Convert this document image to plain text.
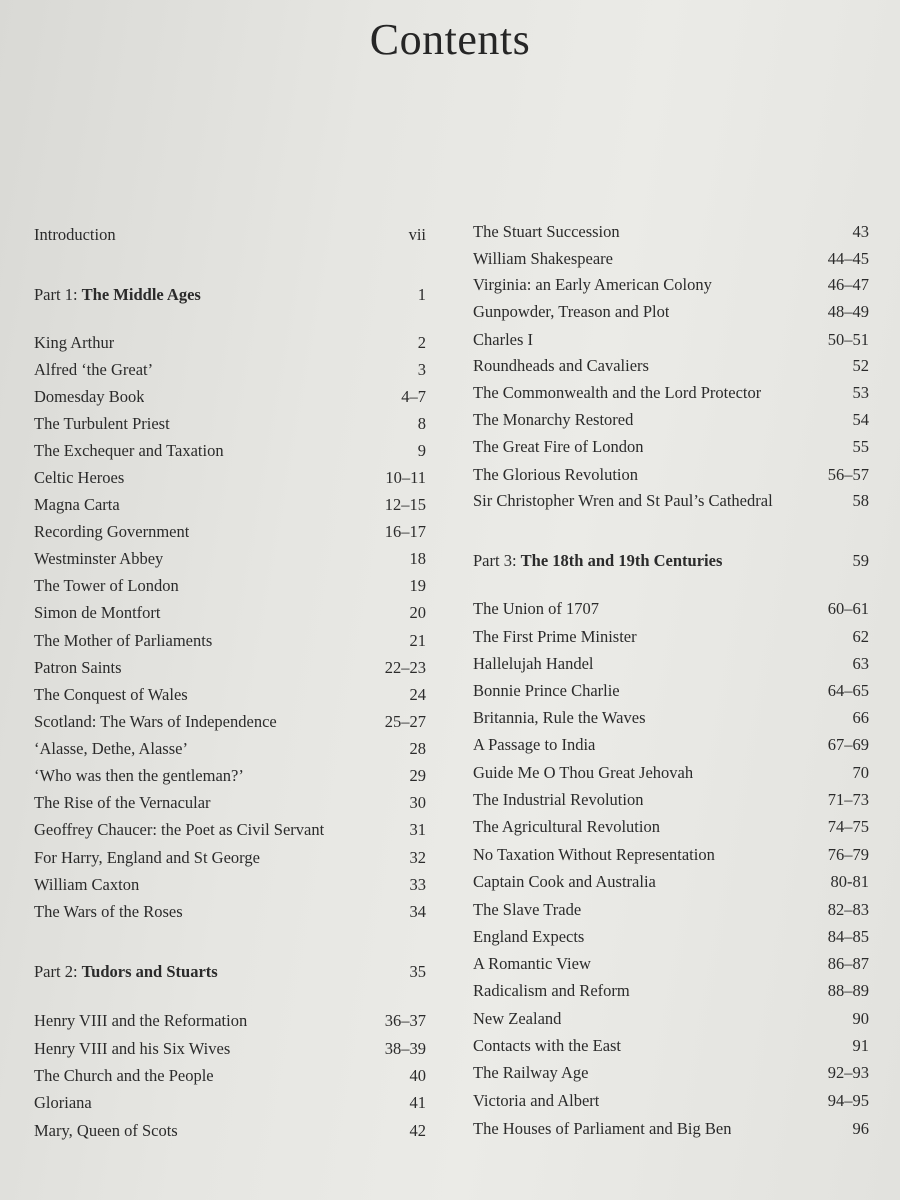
Contents
Introduction	vii
Part 1: The Middle Ages	1
King Arthur	2
Alfred ‘the Great’	3
Domesday Book	4–7
The Turbulent Priest	8
The Exchequer and Taxation	9
Celtic Heroes	10–11
Magna Carta	12–15
Recording Government	16–17
Westminster Abbey	18
The Tower of London	19
Simon de Montfort	20
The Mother of Parliaments	21
Patron Saints	22–23
The Conquest of Wales	24
Scotland: The Wars of Independence	25–27
‘Alasse, Dethe, Alasse’	28
‘Who was then the gentleman?’	29
The Rise of the Vernacular	30
Geoffrey Chaucer: the Poet as Civil Servant	31
For Harry, England and St George	32
William Caxton	33
The Wars of the Roses	34
Part 2: Tudors and Stuarts	35
Henry VIII and the Reformation	36–37
Henry VIII and his Six Wives	38–39
The Church and the People	40
Gloriana	41
Mary, Queen of Scots	42
The Stuart Succession	43
William Shakespeare	44–45
Virginia: an Early American Colony	46–47
Gunpowder, Treason and Plot	48–49
Charles I	50–51
Roundheads and Cavaliers	52
The Commonwealth and the Lord Protector	53
The Monarchy Restored	54
The Great Fire of London	55
The Glorious Revolution	56–57
Sir Christopher Wren and St Paul’s Cathedral	58
Part 3: The 18th and 19th Centuries	59
The Union of 1707	60–61
The First Prime Minister	62
Hallelujah Handel	63
Bonnie Prince Charlie	64–65
Britannia, Rule the Waves	66
A Passage to India	67–69
Guide Me O Thou Great Jehovah	70
The Industrial Revolution	71–73
The Agricultural Revolution	74–75
No Taxation Without Representation	76–79
Captain Cook and Australia	80-81
The Slave Trade	82–83
England Expects	84–85
A Romantic View	86–87
Radicalism and Reform	88–89
New Zealand	90
Contacts with the East	91
The Railway Age	92–93
Victoria and Albert	94–95
The Houses of Parliament and Big Ben	96
